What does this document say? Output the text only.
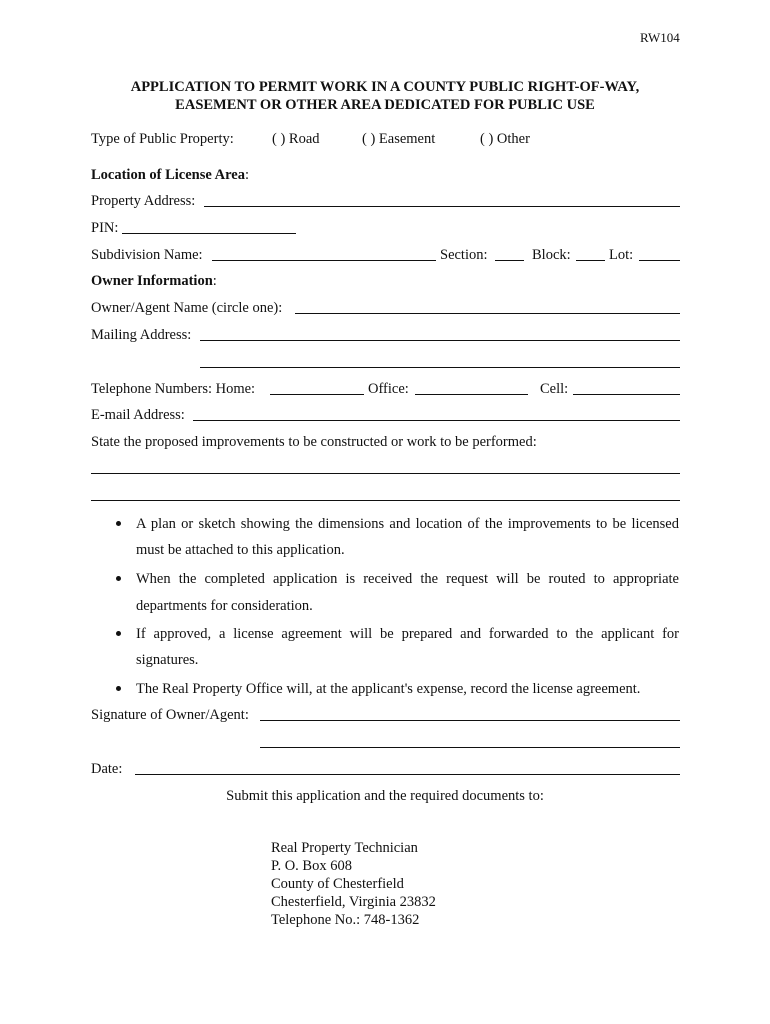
RW104
APPLICATION TO PERMIT WORK IN A COUNTY PUBLIC RIGHT-OF-WAY,
EASEMENT OR OTHER AREA DEDICATED FOR PUBLIC USE
Type of Public Property:	( ) Road	( ) Easement	( ) Other
Location of License Area:
Property Address:
PIN:
Subdivision Name:	Section:	Block:	Lot:
Owner Information:
Owner/Agent Name (circle one):
Mailing Address:
Telephone Numbers: Home:	Office:	Cell:
E-mail Address:
State the proposed improvements to be constructed or work to be performed:
A plan or sketch showing the dimensions and location of the improvements to be licensed
must be attached to this application.
When the completed application is received the request will be routed to appropriate
departments for consideration.
If approved, a license agreement will be prepared and forwarded to the applicant for
signatures.
The Real Property Office will, at the applicant's expense, record the license agreement.
Signature of Owner/Agent:
Date:
Submit this application and the required documents to:
Real Property Technician
P. O. Box 608
County of Chesterfield
Chesterfield, Virginia 23832
Telephone No.: 748-1362
